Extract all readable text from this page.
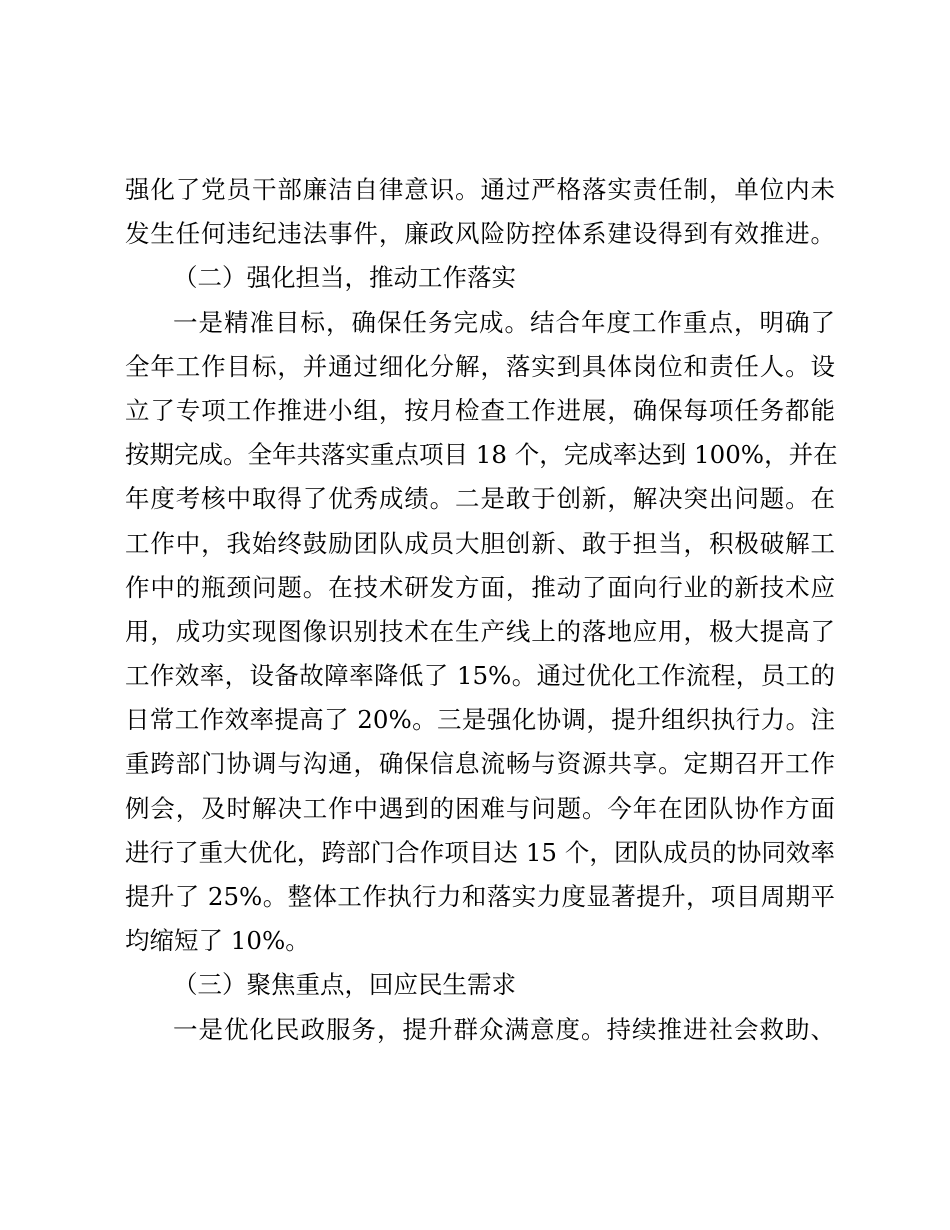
强化了党员干部廉洁自律意识。通过严格落实责任制，单位内未
发生任何违纪违法事件，廉政风险防控体系建设得到有效推进。
（二）强化担当，推动工作落实
一是精准目标，确保任务完成。结合年度工作重点，明确了
全年工作目标，并通过细化分解，落实到具体岗位和责任人。设
立了专项工作推进小组，按月检查工作进展，确保每项任务都能
按期完成。全年共落实重点项目 18 个，完成率达到 100%，并在
年度考核中取得了优秀成绩。二是敢于创新，解决突出问题。在
工作中，我始终鼓励团队成员大胆创新、敢于担当，积极破解工
作中的瓶颈问题。在技术研发方面，推动了面向行业的新技术应
用，成功实现图像识别技术在生产线上的落地应用，极大提高了
工作效率，设备故障率降低了 15%。通过优化工作流程，员工的
日常工作效率提高了 20%。三是强化协调，提升组织执行力。注
重跨部门协调与沟通，确保信息流畅与资源共享。定期召开工作
例会，及时解决工作中遇到的困难与问题。今年在团队协作方面
进行了重大优化，跨部门合作项目达 15 个，团队成员的协同效率
提升了 25%。整体工作执行力和落实力度显著提升，项目周期平
均缩短了 10%。
（三）聚焦重点，回应民生需求
一是优化民政服务，提升群众满意度。持续推进社会救助、
